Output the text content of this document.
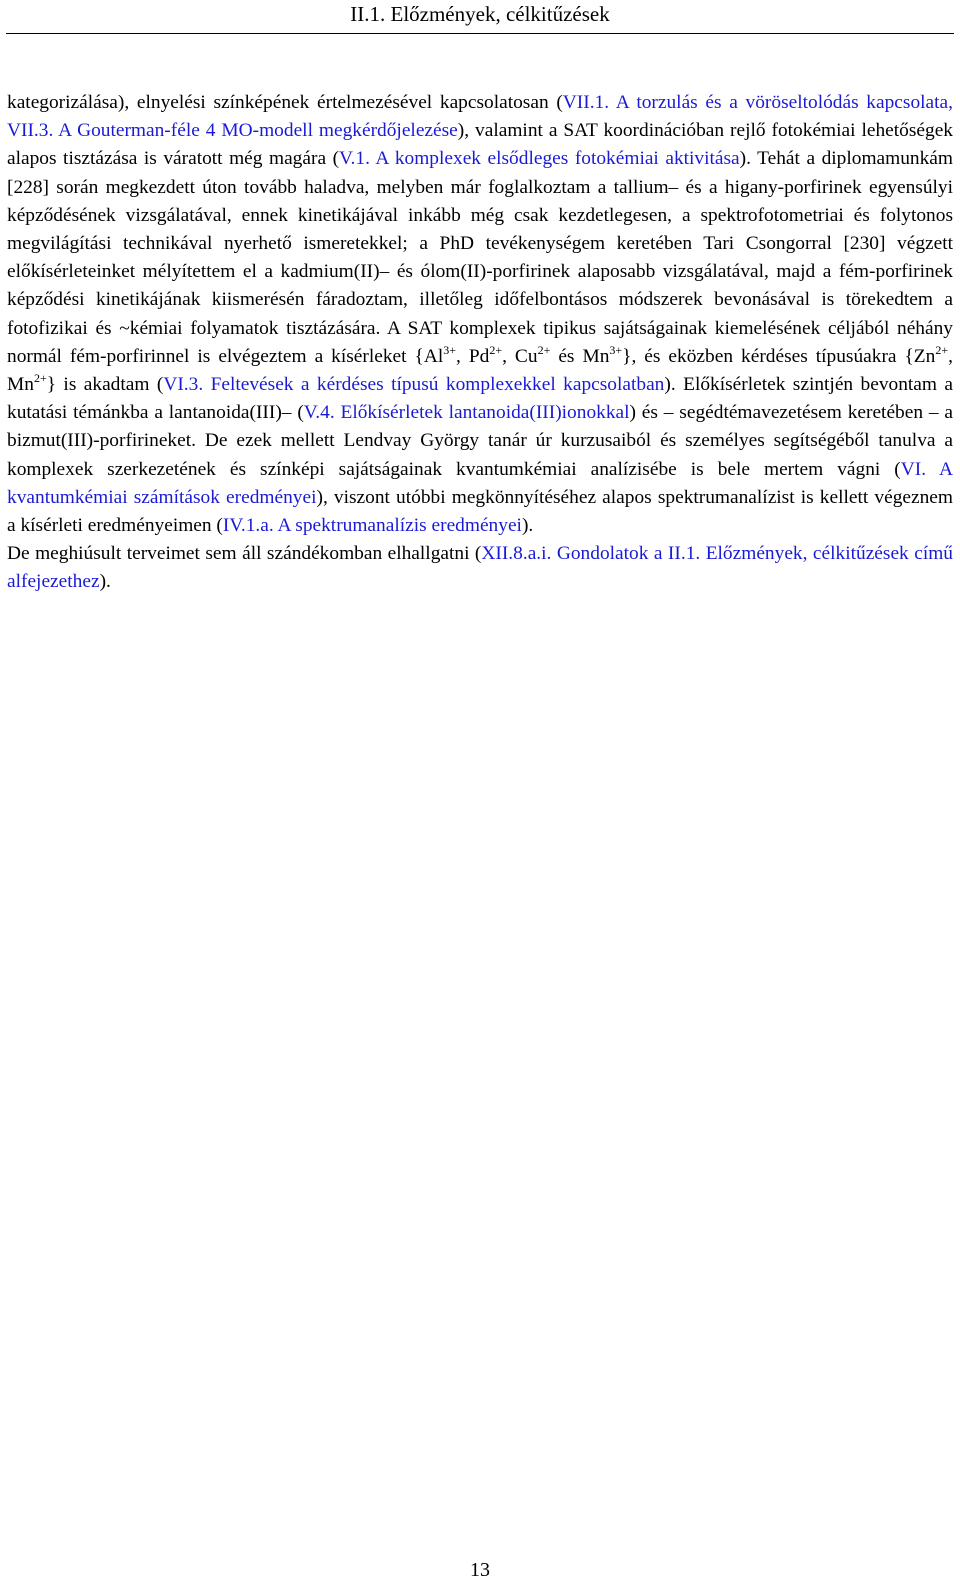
II.1. Előzmények, célkitűzések

kategorizálása), elnyelési színképének értelmezésével kapcsolatosan (VII.1. A torzulás és a vöröseltolódás kapcsolata, VII.3. A Gouterman-féle 4 MO-modell megkérdőjelezése), valamint a SAT koordinációban rejlő fotokémiai lehetőségek alapos tisztázása is váratott még magára (V.1. A komplexek elsődleges fotokémiai aktivitása). Tehát a diplomamunkám [228] során megkezdett úton tovább haladva, melyben már foglalkoztam a tallium– és a higany-porfirinek egyensúlyi képződésének vizsgálatával, ennek kinetikájával inkább még csak kezdetlegesen, a spektrofotometriai és folytonos megvilágítási technikával nyerhető ismeretekkel; a PhD tevékenységem keretében Tari Csongorral [230] végzett előkísérleteinket mélyítettem el a kadmium(II)– és ólom(II)-porfirinek alaposabb vizsgálatával, majd a fém-porfirinek képződési kinetikájának kiismerésén fáradoztam, illetőleg időfelbontásos módszerek bevonásával is törekedtem a fotofizikai és ~kémiai folyamatok tisztázására. A SAT komplexek tipikus sajátságainak kiemelésének céljából néhány normál fém-porfirinnel is elvégeztem a kísérleket {$Al^{3+}$, $Pd^{2+}$, $Cu^{2+}$ és $Mn^{3+}$}, és eközben kérdéses típusúakra {$Zn^{2+}$, $Mn^{2+}$} is akadtam (VI.3. Feltevések a kérdéses típusú komplexekkel kapcsolatban). Előkísérletek szintjén bevontam a kutatási témánkba a lantanoida(III)– (V.4. Előkísérletek lantanoida(III)ionokkal) és – segédtémavezetésem keretében – a bizmut(III)-porfirineket. De ezek mellett Lendvay György tanár úr kurzusaiból és személyes segítségéből tanulva a komplexek szerkezetének és színképi sajátságainak kvantumkémiai analízisébe is bele mertem vágni (VI. A kvantumkémiai számítások eredményei), viszont utóbbi megkönnyítéséhez alapos spektrumanalízist is kellett végeznem a kísérleti eredményeimen (IV.1.a. A spektrumanalízis eredményei).

De meghiúsult terveimet sem áll szándékomban elhallgatni (XII.8.a.i. Gondolatok a II.1. Előzmények, célkitűzések című alfejezethez).

13
